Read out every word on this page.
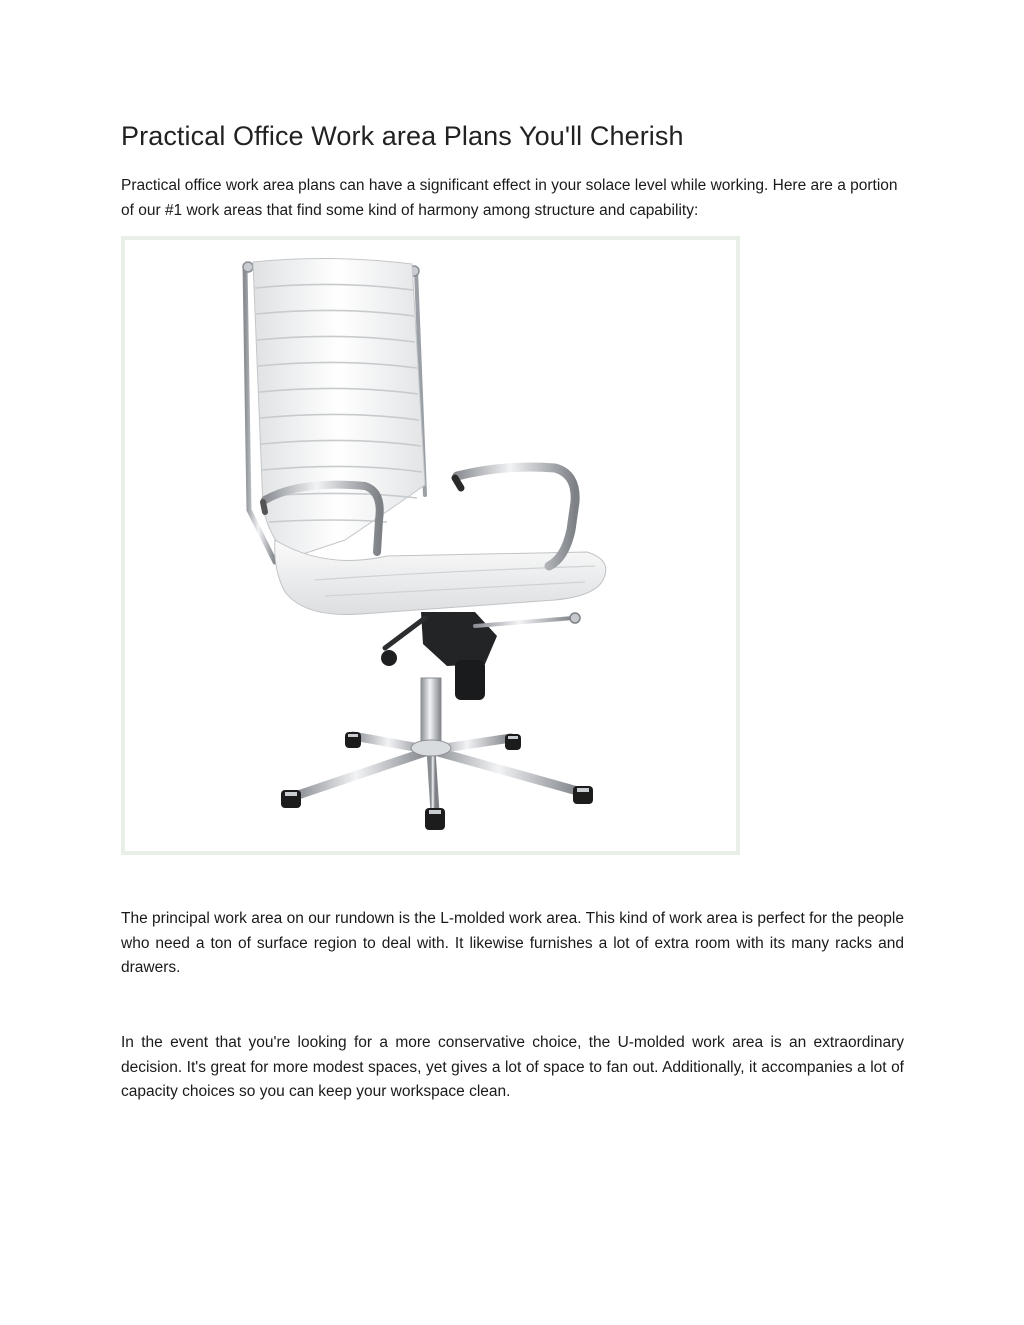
Practical Office Work area Plans You'll Cherish

Practical office work area plans can have a significant effect in your solace level while working. Here are a portion of our #1 work areas that find some kind of harmony among structure and capability:

The principal work area on our rundown is the L-molded work area. This kind of work area is perfect for the people who need a ton of surface region to deal with. It likewise furnishes a lot of extra room with its many racks and drawers.

In the event that you're looking for a more conservative choice, the U-molded work area is an extraordinary decision. It's great for more modest spaces, yet gives a lot of space to fan out. Additionally, it accompanies a lot of capacity choices so you can keep your workspace clean.
